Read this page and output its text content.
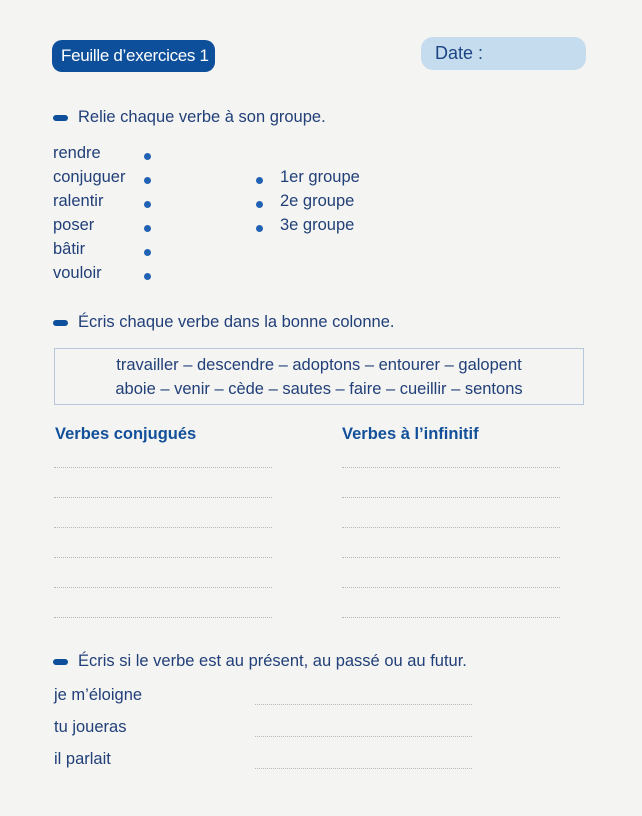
Feuille d’exercices 1	Date :
Relie chaque verbe à son groupe.
rendre
conjuguer
ralentir
poser
bâtir
vouloir
1er groupe
2e groupe
3e groupe
Écris chaque verbe dans la bonne colonne.
travailler – descendre – adoptons – entourer – galopent
aboie – venir – cède – sautes – faire – cueillir – sentons
Verbes conjugués	Verbes à l’infinitif
Écris si le verbe est au présent, au passé ou au futur.
je m’éloigne
tu joueras
il parlait
